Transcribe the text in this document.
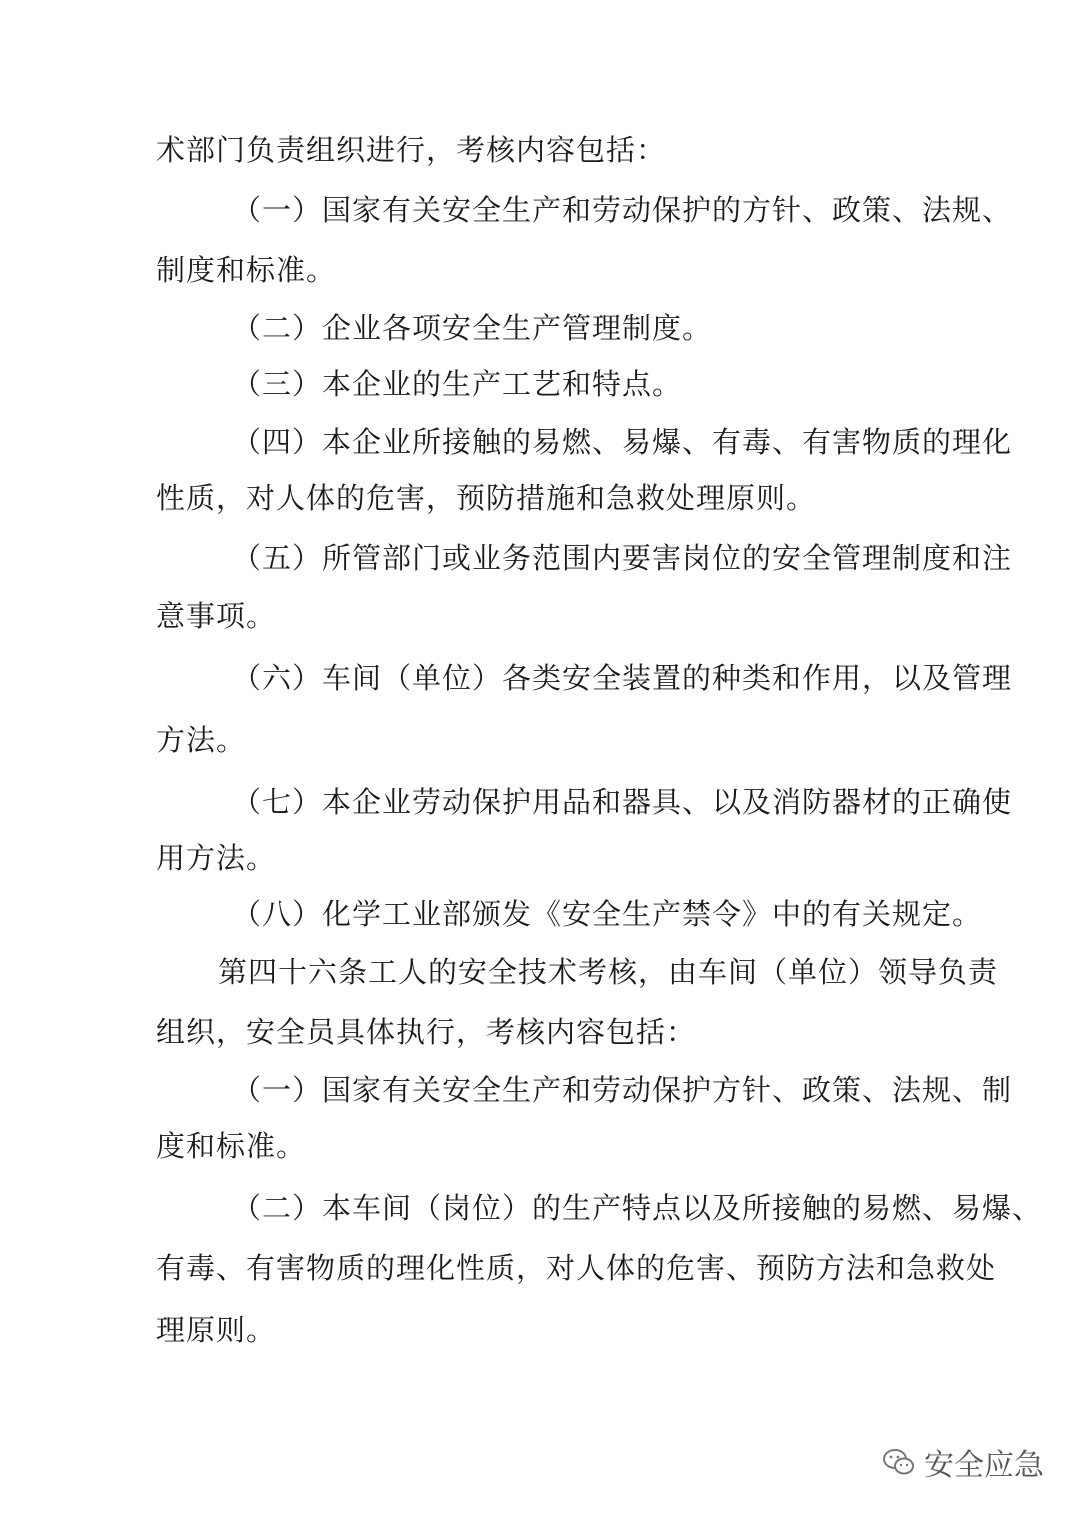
术部门负责组织进行，考核内容包括：
（一）国家有关安全生产和劳动保护的方针、政策、法规、
制度和标准。
（二）企业各项安全生产管理制度。
（三）本企业的生产工艺和特点。
（四）本企业所接触的易燃、易爆、有毒、有害物质的理化
性质，对人体的危害，预防措施和急救处理原则。
（五）所管部门或业务范围内要害岗位的安全管理制度和注
意事项。
（六）车间（单位）各类安全装置的种类和作用，以及管理
方法。
（七）本企业劳动保护用品和器具、以及消防器材的正确使
用方法。
（八）化学工业部颁发《安全生产禁令》中的有关规定。
第四十六条工人的安全技术考核，由车间（单位）领导负责
组织，安全员具体执行，考核内容包括：
（一）国家有关安全生产和劳动保护方针、政策、法规、制
度和标准。
（二）本车间（岗位）的生产特点以及所接触的易燃、易爆、
有毒、有害物质的理化性质，对人体的危害、预防方法和急救处
理原则。
安全应急
